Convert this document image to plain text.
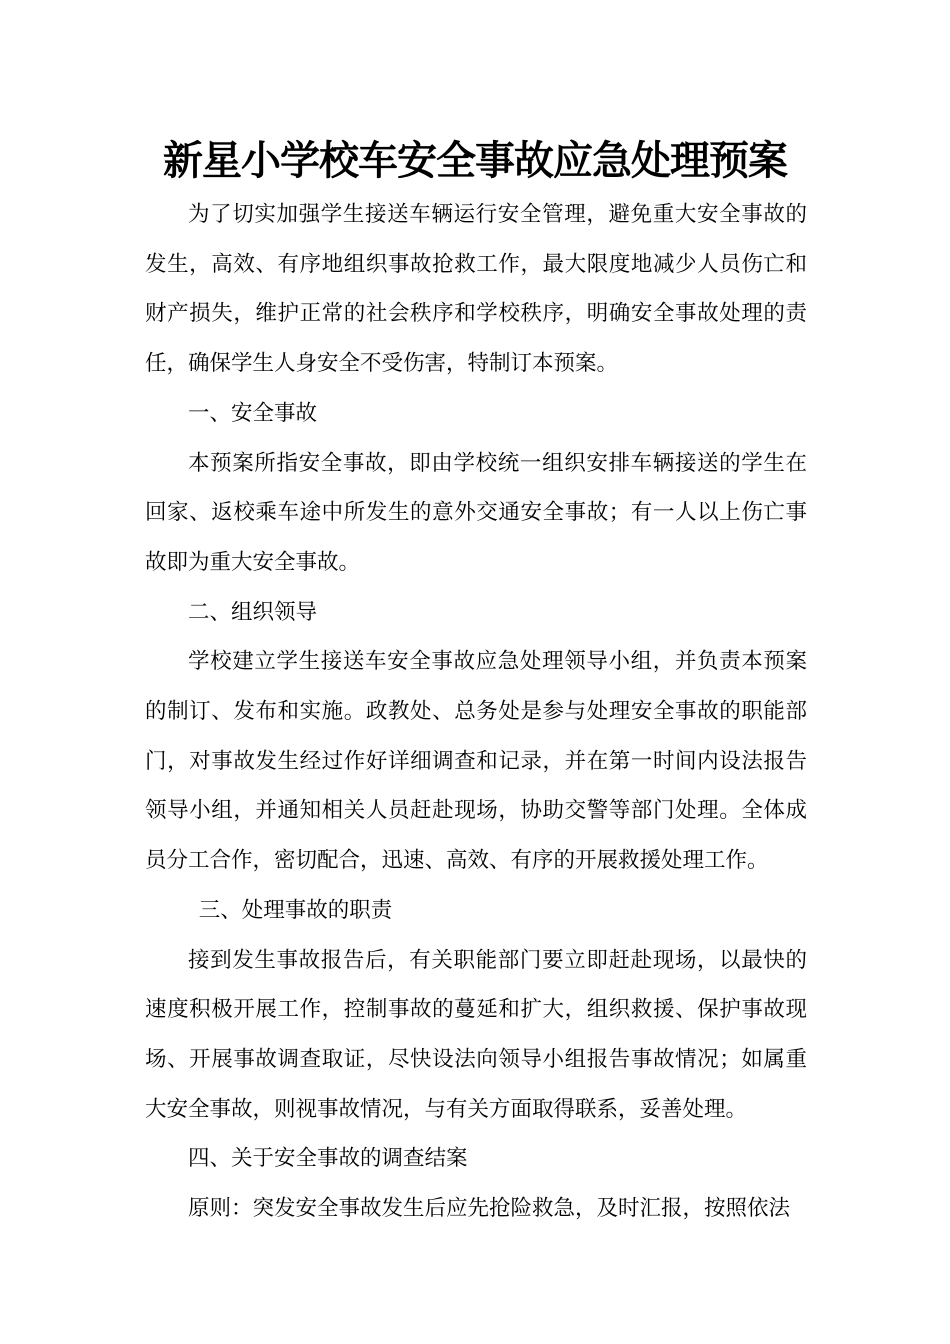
新星小学校车安全事故应急处理预案

为了切实加强学生接送车辆运行安全管理，避免重大安全事故的发生，高效、有序地组织事故抢救工作，最大限度地减少人员伤亡和财产损失，维护正常的社会秩序和学校秩序，明确安全事故处理的责任，确保学生人身安全不受伤害，特制订本预案。

一、安全事故

本预案所指安全事故，即由学校统一组织安排车辆接送的学生在回家、返校乘车途中所发生的意外交通安全事故；有一人以上伤亡事故即为重大安全事故。

二、组织领导

学校建立学生接送车安全事故应急处理领导小组，并负责本预案的制订、发布和实施。政教处、总务处是参与处理安全事故的职能部门，对事故发生经过作好详细调查和记录，并在第一时间内设法报告领导小组，并通知相关人员赶赴现场，协助交警等部门处理。全体成员分工合作，密切配合，迅速、高效、有序的开展救援处理工作。

三、处理事故的职责

接到发生事故报告后，有关职能部门要立即赶赴现场，以最快的速度积极开展工作，控制事故的蔓延和扩大，组织救援、保护事故现场、开展事故调查取证，尽快设法向领导小组报告事故情况；如属重大安全事故，则视事故情况，与有关方面取得联系，妥善处理。

四、关于安全事故的调查结案

原则：突发安全事故发生后应先抢险救急，及时汇报，按照依法
